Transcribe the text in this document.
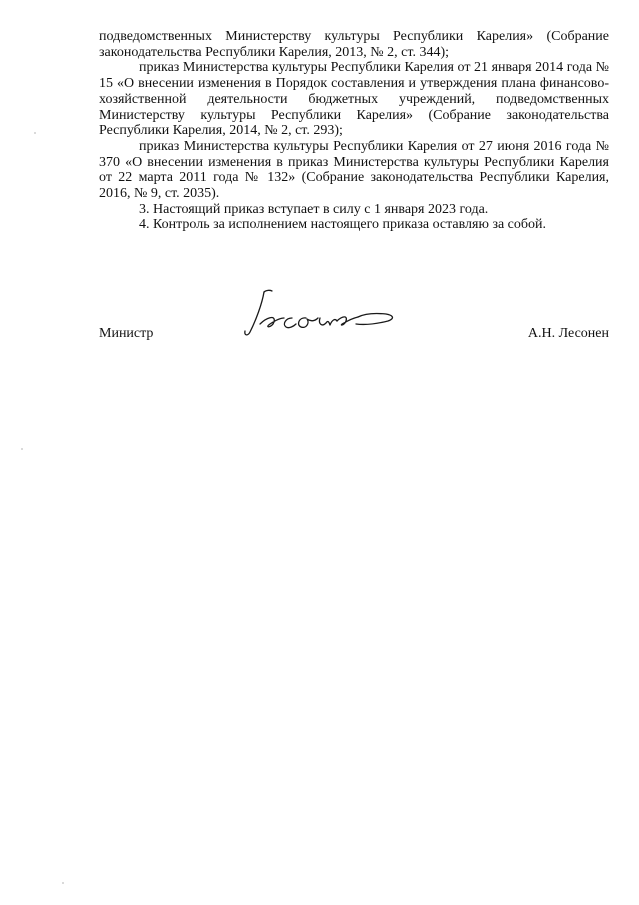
подведомственных Министерству культуры Республики Карелия» (Собрание законодательства Республики Карелия, 2013, № 2, ст. 344);

приказ Министерства культуры Республики Карелия от 21 января 2014 года № 15 «О внесении изменения в Порядок составления и утверждения плана финансово-хозяйственной деятельности бюджетных учреждений, подведомственных Министерству культуры Республики Карелия» (Собрание законодательства Республики Карелия, 2014, № 2, ст. 293);

приказ Министерства культуры Республики Карелия от 27 июня 2016 года № 370 «О внесении изменения в приказ Министерства культуры Республики Карелия от 22 марта 2011 года № 132» (Собрание законодательства Республики Карелия, 2016, № 9, ст. 2035).

3. Настоящий приказ вступает в силу с 1 января 2023 года.

4. Контроль за исполнением настоящего приказа оставляю за собой.

Министр	А.Н. Лесонен
